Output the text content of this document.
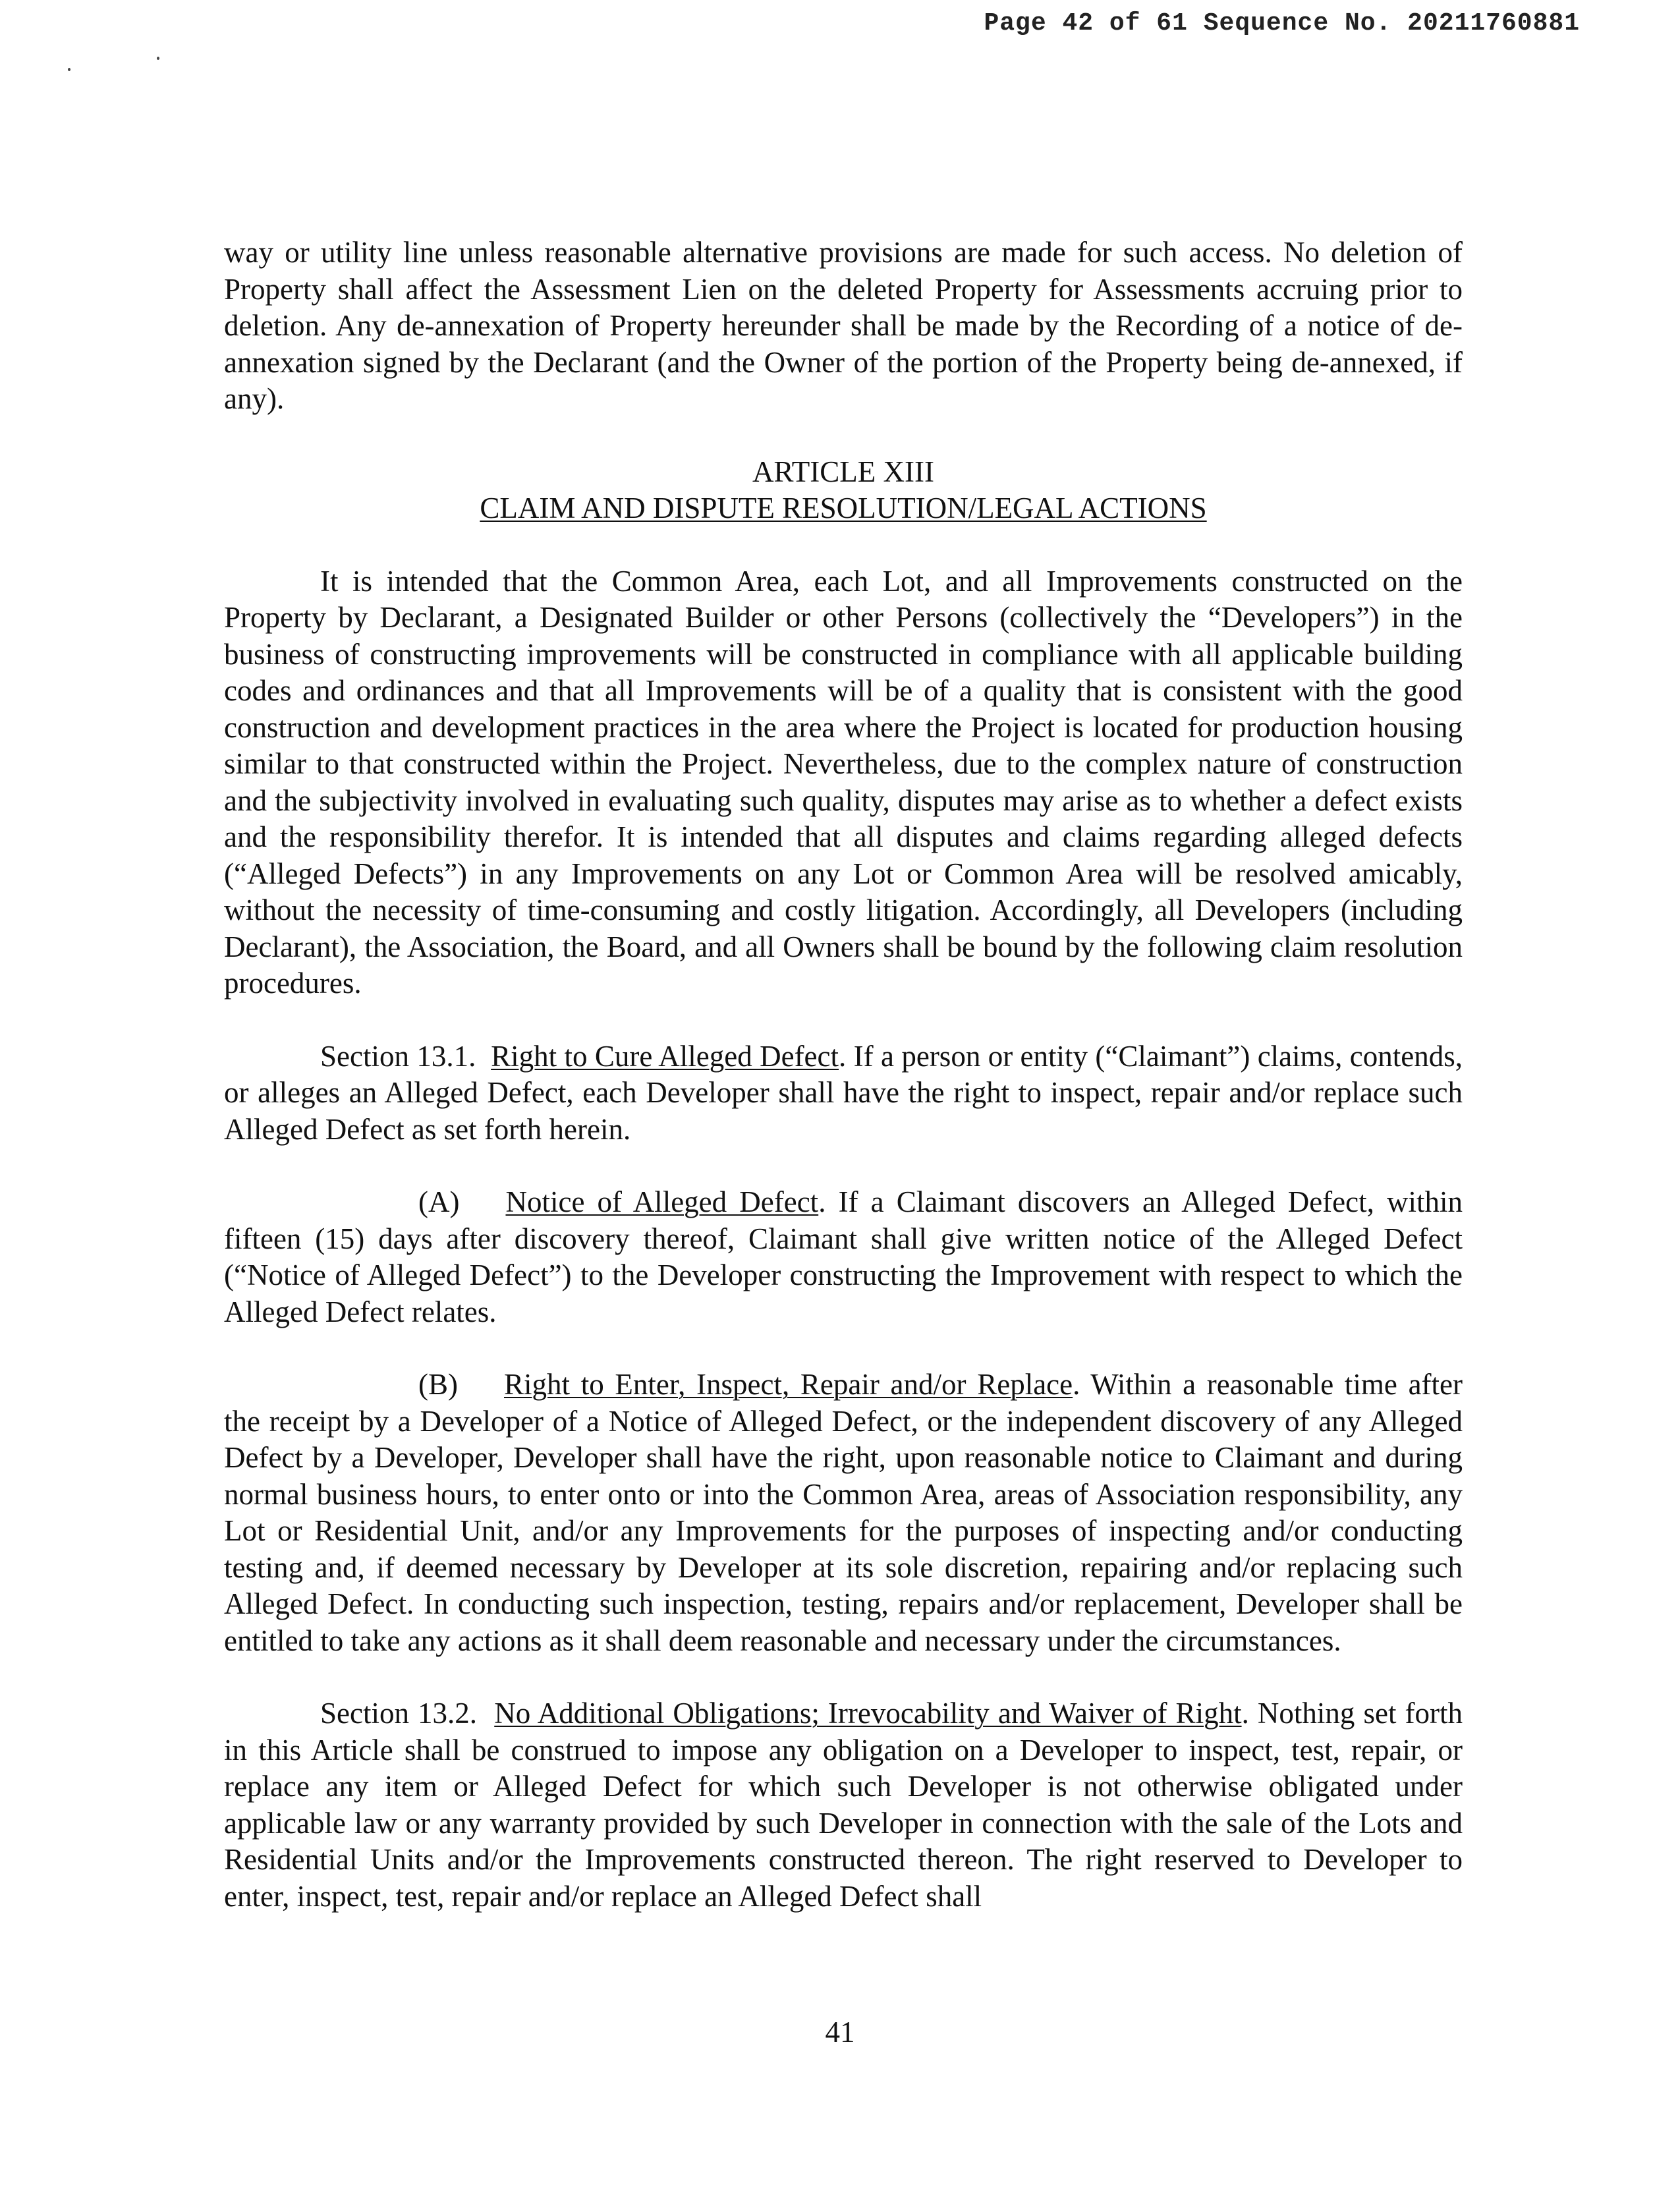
Page 42 of 61 Sequence No. 20211760881

way or utility line unless reasonable alternative provisions are made for such access. No deletion of Property shall affect the Assessment Lien on the deleted Property for Assessments accruing prior to deletion. Any de-annexation of Property hereunder shall be made by the Recording of a notice of de-annexation signed by the Declarant (and the Owner of the portion of the Property being de-annexed, if any).

ARTICLE XIII
CLAIM AND DISPUTE RESOLUTION/LEGAL ACTIONS

It is intended that the Common Area, each Lot, and all Improvements constructed on the Property by Declarant, a Designated Builder or other Persons (collectively the “Developers”) in the business of constructing improvements will be constructed in compliance with all applicable building codes and ordinances and that all Improvements will be of a quality that is consistent with the good construction and development practices in the area where the Project is located for production housing similar to that constructed within the Project. Nevertheless, due to the complex nature of construction and the subjectivity involved in evaluating such quality, disputes may arise as to whether a defect exists and the responsibility therefor. It is intended that all disputes and claims regarding alleged defects (“Alleged Defects”) in any Improvements on any Lot or Common Area will be resolved amicably, without the necessity of time-consuming and costly litigation. Accordingly, all Developers (including Declarant), the Association, the Board, and all Owners shall be bound by the following claim resolution procedures.

Section 13.1. Right to Cure Alleged Defect. If a person or entity (“Claimant”) claims, contends, or alleges an Alleged Defect, each Developer shall have the right to inspect, repair and/or replace such Alleged Defect as set forth herein.

(A) Notice of Alleged Defect. If a Claimant discovers an Alleged Defect, within fifteen (15) days after discovery thereof, Claimant shall give written notice of the Alleged Defect (“Notice of Alleged Defect”) to the Developer constructing the Improvement with respect to which the Alleged Defect relates.

(B) Right to Enter, Inspect, Repair and/or Replace. Within a reasonable time after the receipt by a Developer of a Notice of Alleged Defect, or the independent discovery of any Alleged Defect by a Developer, Developer shall have the right, upon reasonable notice to Claimant and during normal business hours, to enter onto or into the Common Area, areas of Association responsibility, any Lot or Residential Unit, and/or any Improvements for the purposes of inspecting and/or conducting testing and, if deemed necessary by Developer at its sole discretion, repairing and/or replacing such Alleged Defect. In conducting such inspection, testing, repairs and/or replacement, Developer shall be entitled to take any actions as it shall deem reasonable and necessary under the circumstances.

Section 13.2. No Additional Obligations; Irrevocability and Waiver of Right. Nothing set forth in this Article shall be construed to impose any obligation on a Developer to inspect, test, repair, or replace any item or Alleged Defect for which such Developer is not otherwise obligated under applicable law or any warranty provided by such Developer in connection with the sale of the Lots and Residential Units and/or the Improvements constructed thereon. The right reserved to Developer to enter, inspect, test, repair and/or replace an Alleged Defect shall

41
